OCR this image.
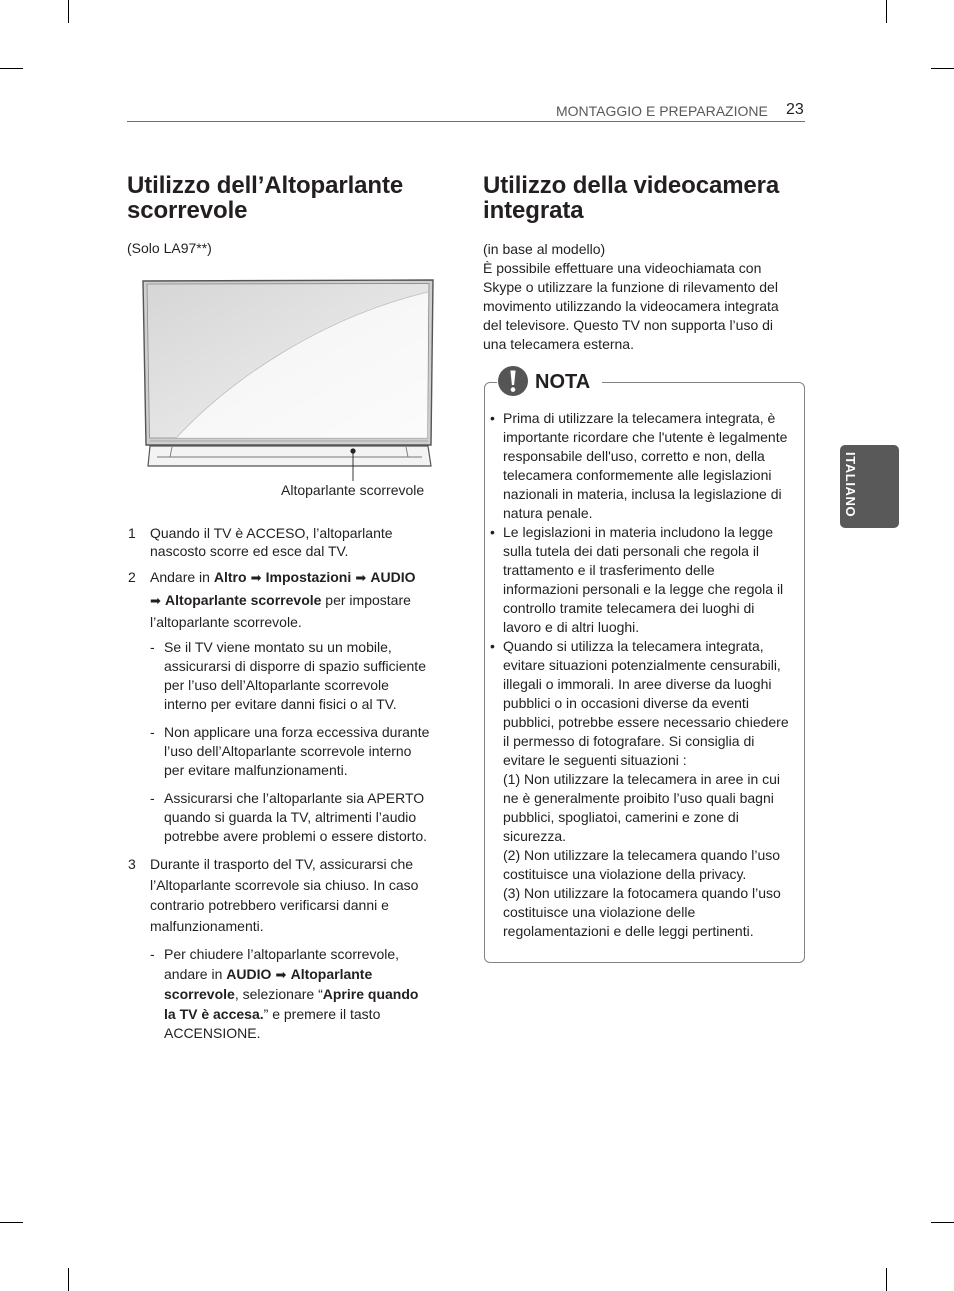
MONTAGGIO E PREPARAZIONE 23
ITALIANO
Utilizzo dell’Altoparlante
scorrevole
(Solo LA97**)
Altoparlante scorrevole
1 Quando il TV è ACCESO, l’altoparlante
nascosto scorre ed esce dal TV.
2 Andare in Altro ➡ Impostazioni ➡ AUDIO
➡ Altoparlante scorrevole per impostare
l’altoparlante scorrevole.
- Se il TV viene montato su un mobile,
assicurarsi di disporre di spazio sufficiente
per l’uso dell’Altoparlante scorrevole
interno per evitare danni fisici o al TV.
- Non applicare una forza eccessiva durante
l’uso dell’Altoparlante scorrevole interno
per evitare malfunzionamenti.
- Assicurarsi che l’altoparlante sia APERTO
quando si guarda la TV, altrimenti l’audio
potrebbe avere problemi o essere distorto.
3 Durante il trasporto del TV, assicurarsi che
l’Altoparlante scorrevole sia chiuso. In caso
contrario potrebbero verificarsi danni e
malfunzionamenti.
- Per chiudere l’altoparlante scorrevole,
andare in AUDIO ➡ Altoparlante
scorrevole, selezionare “Aprire quando
la TV è accesa.” e premere il tasto
ACCENSIONE.
Utilizzo della videocamera
integrata
(in base al modello)
È possibile effettuare una videochiamata con
Skype o utilizzare la funzione di rilevamento del
movimento utilizzando la videocamera integrata
del televisore. Questo TV non supporta l’uso di
una telecamera esterna.
NOTA
• Prima di utilizzare la telecamera integrata, è
importante ricordare che l'utente è legalmente
responsabile dell'uso, corretto e non, della
telecamera conformemente alle legislazioni
nazionali in materia, inclusa la legislazione di
natura penale.
• Le legislazioni in materia includono la legge
sulla tutela dei dati personali che regola il
trattamento e il trasferimento delle
informazioni personali e la legge che regola il
controllo tramite telecamera dei luoghi di
lavoro e di altri luoghi.
• Quando si utilizza la telecamera integrata,
evitare situazioni potenzialmente censurabili,
illegali o immorali. In aree diverse da luoghi
pubblici o in occasioni diverse da eventi
pubblici, potrebbe essere necessario chiedere
il permesso di fotografare. Si consiglia di
evitare le seguenti situazioni :
(1) Non utilizzare la telecamera in aree in cui
ne è generalmente proibito l’uso quali bagni
pubblici, spogliatoi, camerini e zone di
sicurezza.
(2) Non utilizzare la telecamera quando l’uso
costituisce una violazione della privacy.
(3) Non utilizzare la fotocamera quando l’uso
costituisce una violazione delle
regolamentazioni e delle leggi pertinenti.
